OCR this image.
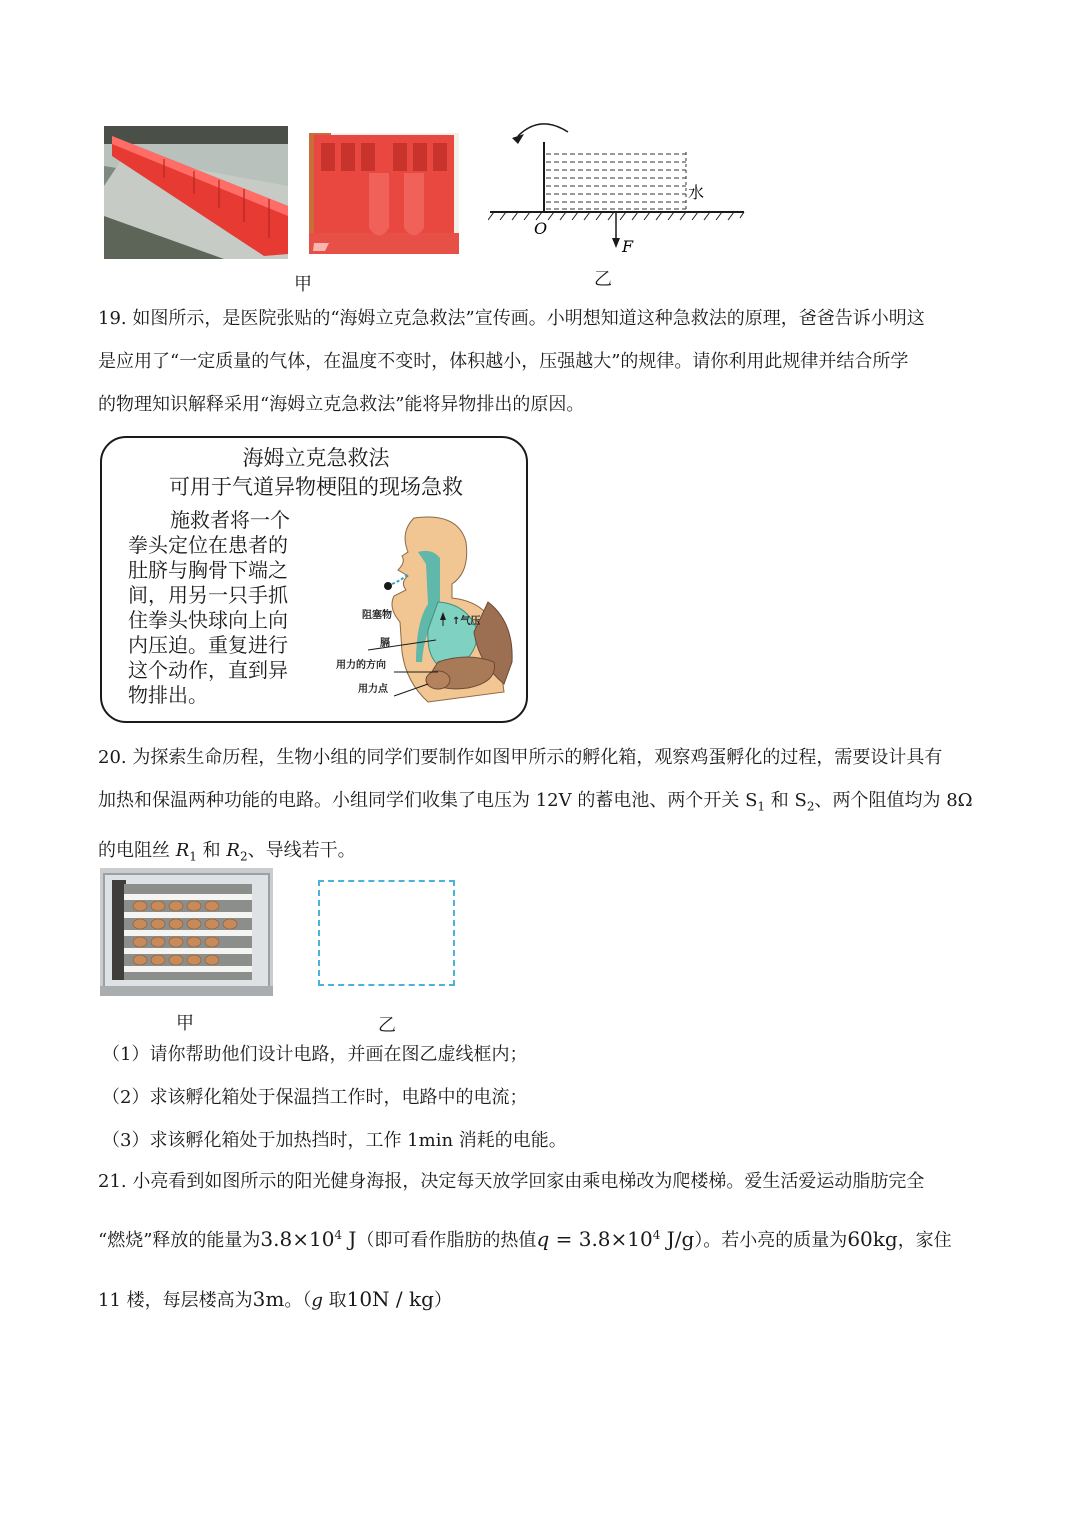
水
O
F
甲	乙
19. 如图所示，是医院张贴的“海姆立克急救法”宣传画。小明想知道这种急救法的原理，爸爸告诉小明这
是应用了“一定质量的气体，在温度不变时，体积越小，压强越大”的规律。请你利用此规律并结合所学
的物理知识解释采用“海姆立克急救法”能将异物排出的原因。
海姆立克急救法
可用于气道异物梗阻的现场急救
施救者将一个
拳头定位在患者的
肚脐与胸骨下端之
间，用另一只手抓
住拳头快球向上向
内压迫。重复进行
这个动作，直到异
物排出。
阻塞物
↑气压
膈
用力的方向
用力点
20. 为探索生命历程，生物小组的同学们要制作如图甲所示的孵化箱，观察鸡蛋孵化的过程，需要设计具有
加热和保温两种功能的电路。小组同学们收集了电压为 12V 的蓄电池、两个开关 $S_1$ 和 $S_2$、两个阻值均为 8Ω
的电阻丝 $R_1$ 和 $R_2$、导线若干。
甲	乙
（1）请你帮助他们设计电路，并画在图乙虚线框内；
（2）求该孵化箱处于保温挡工作时，电路中的电流；
（3）求该孵化箱处于加热挡时，工作 1min 消耗的电能。
21. 小亮看到如图所示的阳光健身海报，决定每天放学回家由乘电梯改为爬楼梯。爱生活爱运动脂肪完全
“燃烧”释放的能量为$3.8\times 10^4$ J（即可看作脂肪的热值$q = 3.8\times 10^4$ J/g）。若小亮的质量为60kg，家住
11 楼，每层楼高为3m。（g 取10N / kg）
